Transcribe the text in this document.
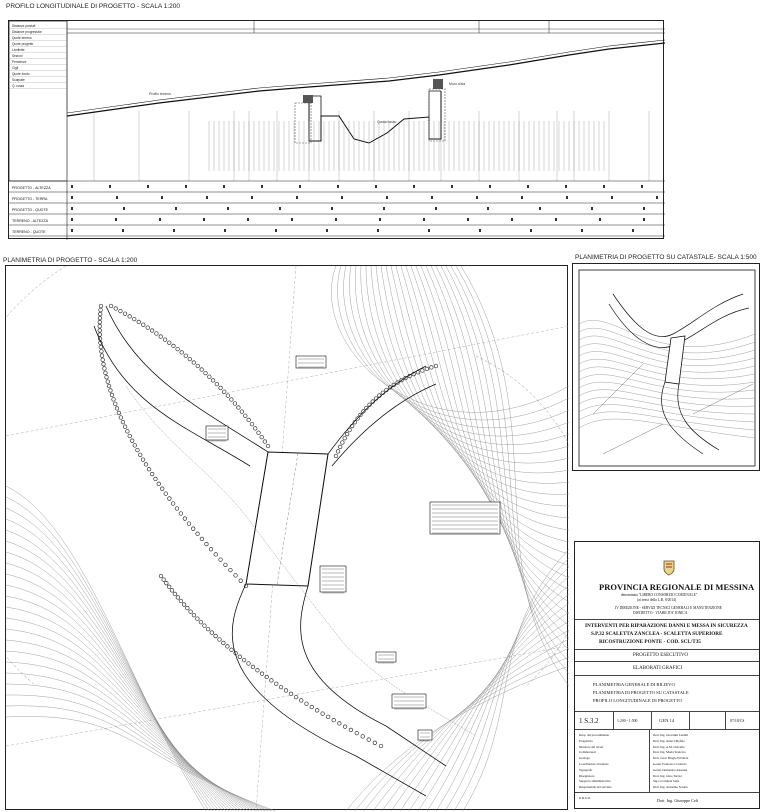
PROFILO LONGITUDINALE DI PROGETTO - SCALA 1:200
Distanze parziali
Distanze progressive
Quote terreno
Quote progetto
Livellette
Sezioni
Pendenze
Cigli
Quote fondo
Scarpate
Q. rossa
Profilo terreno
Quota fondo
Muro d'ala
PROGETTO - ALTEZZA
PROGETTO - TERRA
PROGETTO - QUOTE
TERRENO - ALTEZZA
TERRENO - QUOTE
PLANIMETRIA DI PROGETTO - SCALA 1:200	PLANIMETRIA DI PROGETTO SU CATASTALE- SCALA 1:500
PROVINCIA REGIONALE DI MESSINA
denominata "LIBERO CONSORZIO COMUNALE"
(ai sensi della L.R. 8/2014)
IV DIREZIONE - SERVIZI TECNICI GENERALI E MANUTENZIONE
DISTRETTO - VIABILITA' IONICA
INTERVENTI PER RIPARAZIONE DANNI E MESSA IN SICUREZZA
S.P.32 SCALETTA ZANCLEA - SCALETTA SUPERIORE
RICOSTRUZIONE PONTE - COD. SCL/T35
PROGETTO ESECUTIVO
ELABORATI GRAFICI
PLANIMETRIA GENERALE DI RILIEVO
PLANIMETRIA DI PROGETTO SU CATASTALE
PROFILO LONGITUDINALE DI PROGETTO
1 S.3.2	1:200 - 1:500	GEN 14	07/18/CS
Resp. del procedimento	Dott. Ing. Giovanni Lentini
Progettista	Dott. Ing. Anna Chiofalo
Direttore dei lavori	Dott. Ing. A.M. Oravello
Collaboratori	Dott. Ing. Maria Stancara
Geologo	Dott. Geol. Biagio Privitera
Coordinatore sicurezza	Geom. Francesco Cuzzola
Topografo	Geom. Domenico Anastasi
Disegnatore	Dott. Ing. Gino Torrisi
Supporto amministrativo	Sig.ra Carmela Saija
Responsabile del servizio	Dott. Ing. Antonino Sciotto
Il R.U.P.	Dott. Ing. Giuseppe Celi
